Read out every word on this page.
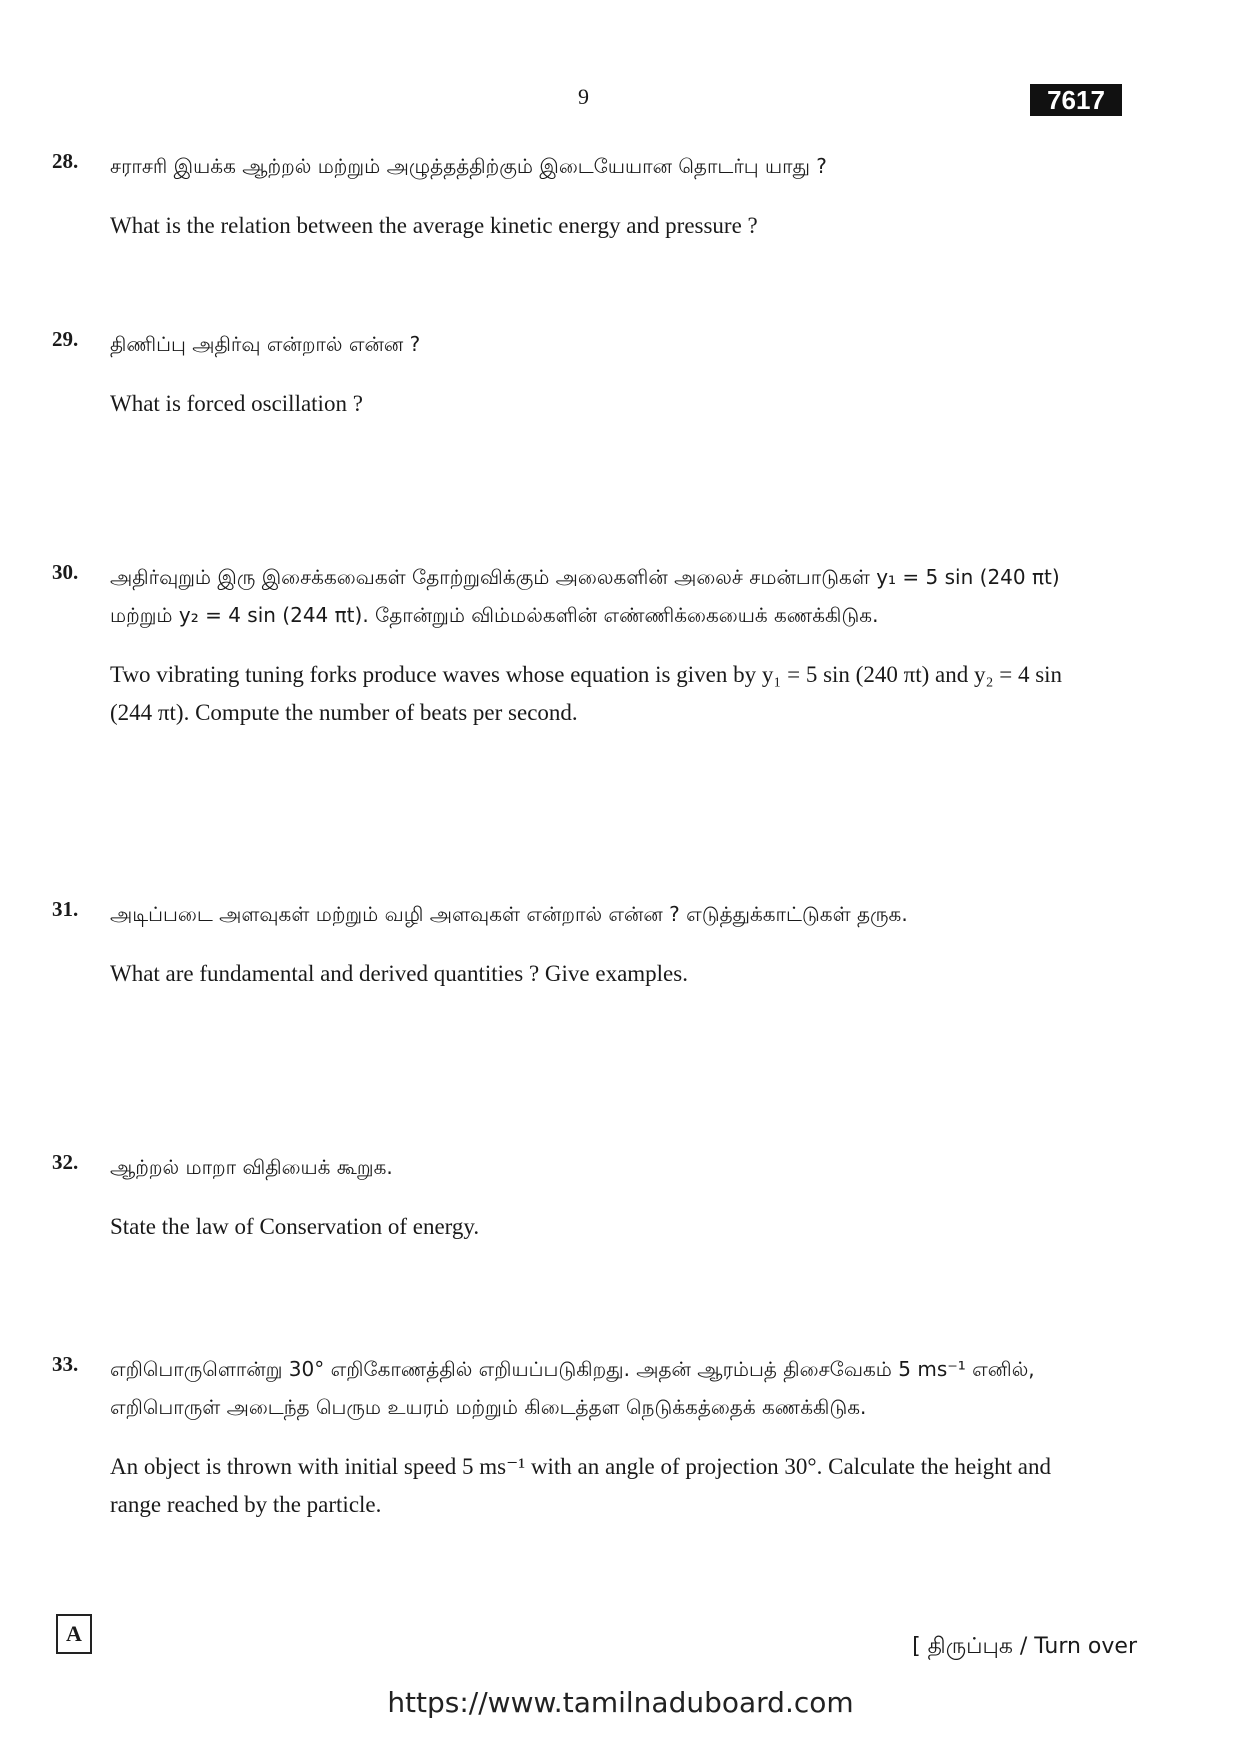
9	7617
28. சராசரி இயக்க ஆற்றல் மற்றும் அழுத்தத்திற்கும் இடையேயான தொடர்பு யாது ?
What is the relation between the average kinetic energy and pressure ?
29. திணிப்பு அதிர்வு என்றால் என்ன ?
What is forced oscillation ?
30. அதிர்வுறும் இரு இசைக்கவைகள் தோற்றுவிக்கும் அலைகளின் அலைச் சமன்பாடுகள் y₁ = 5 sin (240 πt) மற்றும் y₂ = 4 sin (244 πt). தோன்றும் விம்மல்களின் எண்ணிக்கையைக் கணக்கிடுக.
Two vibrating tuning forks produce waves whose equation is given by y₁ = 5 sin (240 πt) and y₂ = 4 sin (244 πt). Compute the number of beats per second.
31. அடிப்படை அளவுகள் மற்றும் வழி அளவுகள் என்றால் என்ன ? எடுத்துக்காட்டுகள் தருக.
What are fundamental and derived quantities ? Give examples.
32. ஆற்றல் மாறா விதியைக் கூறுக.
State the law of Conservation of energy.
33. எறிபொருளொன்று 30° எறிகோணத்தில் எறியப்படுகிறது. அதன் ஆரம்பத் திசைவேகம் 5 ms⁻¹ எனில், எறிபொருள் அடைந்த பெரும உயரம் மற்றும் கிடைத்தள நெடுக்கத்தைக் கணக்கிடுக.
An object is thrown with initial speed 5 ms⁻¹ with an angle of projection 30°. Calculate the height and range reached by the particle.
A
[ திருப்புக / Turn over
https://www.tamilnaduboard.com
